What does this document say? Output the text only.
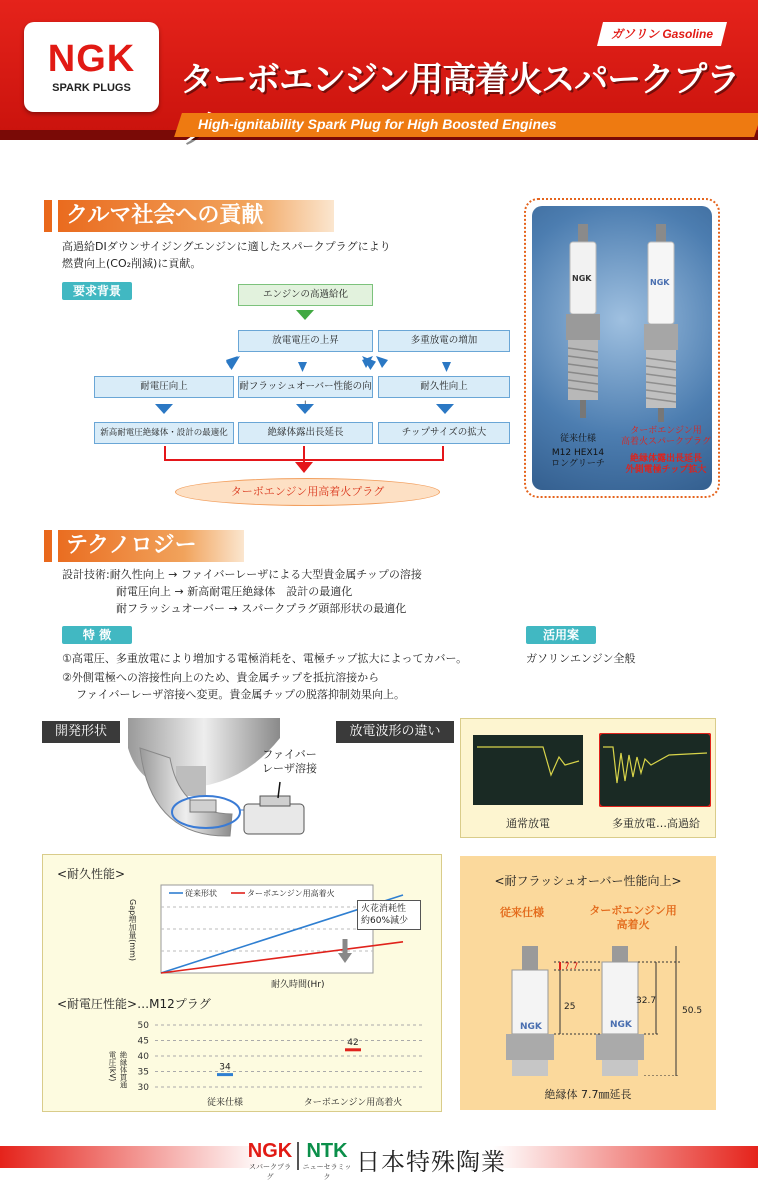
NGK
SPARK PLUGS
ガソリン Gasoline
ターボエンジン用高着火スパークプラ
High-ignitability Spark Plug for High Boosted Engines
クルマ社会への貢献
高過給DIダウンサイジングエンジンに適したスパークプラグにより
燃費向上(CO₂削減)に貢献。
要求背景	エンジンの高過給化
放電電圧の上昇	多重放電の増加
耐電圧向上	耐フラッシュオーバー性能の向上
耐久性向上
新高耐電圧絶縁体・設計の最適化	絶縁体露出長延長	チップサイズの拡大
ターボエンジン用高着火プラグ
NGK	NGK
従来仕様
M12 HEX14
ロングリーチ
ターボエンジン用
高着火スパークプラグ
絶縁体露出長延長
外側電極チップ拡大
テクノロジー
設計技術:耐久性向上 → ファイバーレーザによる大型貴金属チップの溶接
耐電圧向上 → 新高耐電圧絶縁体　設計の最適化
耐フラッシュオーバー → スパークプラグ頭部形状の最適化
特 徴	活用案
①高電圧、多重放電により増加する電極消耗を、電極チップ拡大によってカバー。
②外側電極への溶接性向上のため、貴金属チップを抵抗溶接から
ファイバーレーザ溶接へ変更。貴金属チップの脱落抑制効果向上。
ガソリンエンジン全般
開発形状
ファイバー
レーザ溶接
放電波形の違い
通常放電	多重放電…高過給
<耐久性能>
従来形状	ターボエンジン用高着火
耐久時間(Hr)
Gap増加量(mm)	火花消耗性
約60%減少
<耐電圧性能>…M12プラグ
50
45
40
35
30
34
従来仕様
42
ターボエンジン用高着火
絶縁体貫通電圧(kV)
<耐フラッシュオーバー性能向上>
従来仕様	ターボエンジン用
高着火
NGK	NGK
7.7
25
32.7
50.5
絶縁体 7.7㎜延長
NGK
スパークプラグ
NTK
ニューセラミック
日本特殊陶業
